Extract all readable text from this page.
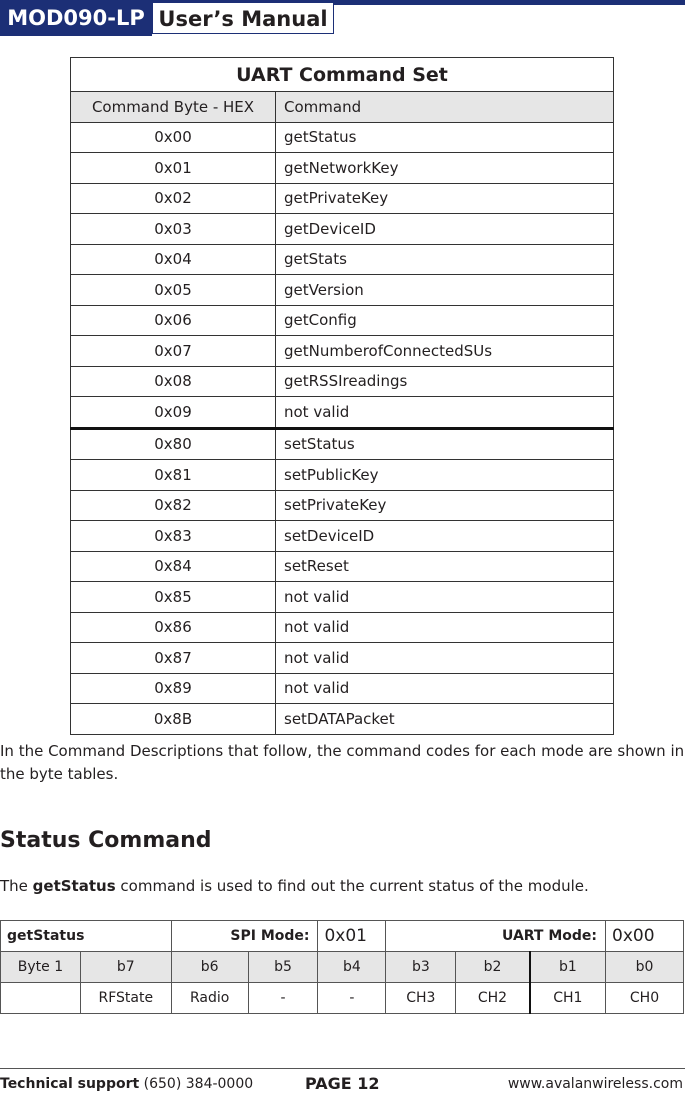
MOD090-LP User’s Manual
UART Command Set	
Command Byte - HEX	Command
0x00	getStatus
0x01	getNetworkKey
0x02	getPrivateKey
0x03	getDeviceID
0x04	getStats
0x05	getVersion
0x06	getConfig
0x07	getNumberofConnectedSUs
0x08	getRSSIreadings
0x09	not valid
0x80	setStatus
0x81	setPublicKey
0x82	setPrivateKey
0x83	setDeviceID
0x84	setReset
0x85	not valid
0x86	not valid
0x87	not valid
0x89	not valid
0x8B	setDATAPacket
In the Command Descriptions that follow, the command codes for each mode are shown in the byte tables.
Status Command
The getStatus command is used to find out the current status of the module.
getStatus		SPI Mode:		0x01	UART Mode:			0x00
Byte 1	b7	b6	b5	b4	b3	b2	b1	b0
	RFState	Radio	-	-	CH3	CH2	CH1	CH0
Technical support (650) 384-0000	PAGE 12	www.avalanwireless.com
